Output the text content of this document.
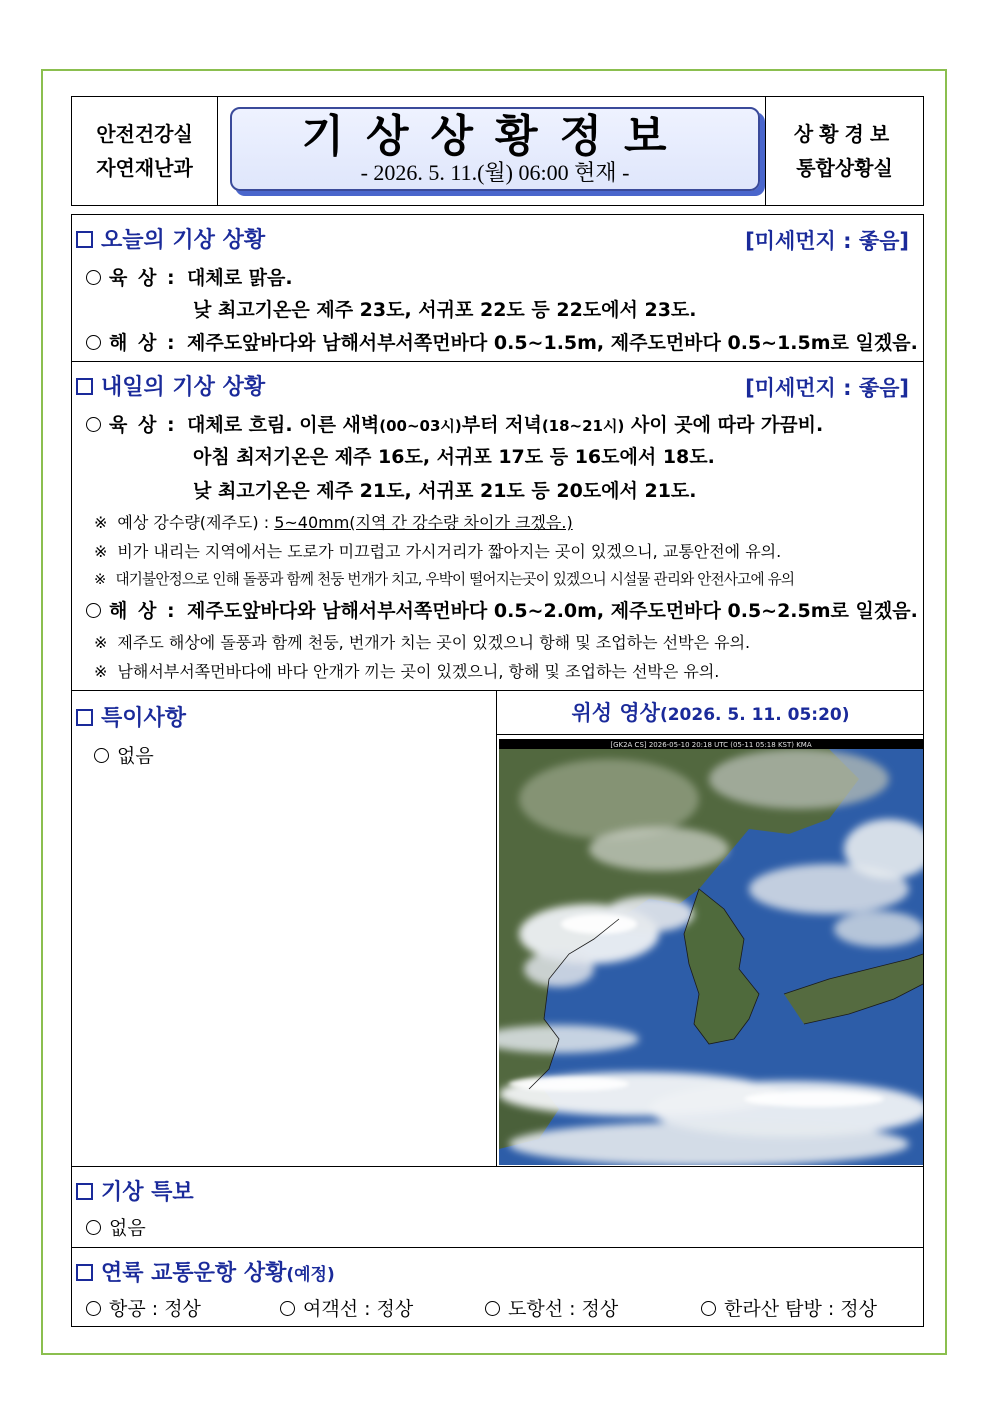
안전건강실
자연재난과
기상상황정보
- 2026. 5. 11.(월) 06:00 현재 -
상황경보
통합상황실
오늘의 기상 상황	[미세먼지 : 좋음]
육 상 : 대체로 맑음.
낮 최고기온은 제주 23도, 서귀포 22도 등 22도에서 23도.
해 상 : 제주도앞바다와 남해서부서쪽먼바다 0.5~1.5m, 제주도먼바다 0.5~1.5m로 일겠음.
내일의 기상 상황	[미세먼지 : 좋음]
육 상 : 대체로 흐림. 이른 새벽(00~03시)부터 저녁(18~21시) 사이 곳에 따라 가끔비.
아침 최저기온은 제주 16도, 서귀포 17도 등 16도에서 18도.
낮 최고기온은 제주 21도, 서귀포 21도 등 20도에서 21도.
※ 예상 강수량(제주도) : 5~40mm(지역 간 강수량 차이가 크겠음.)
※ 비가 내리는 지역에서는 도로가 미끄럽고 가시거리가 짧아지는 곳이 있겠으니, 교통안전에 유의.
※ 대기불안정으로 인해 돌풍과 함께 천둥 번개가 치고, 우박이 떨어지는곳이 있겠으니 시설물 관리와 안전사고에 유의
해 상 : 제주도앞바다와 남해서부서쪽먼바다 0.5~2.0m, 제주도먼바다 0.5~2.5m로 일겠음.
※ 제주도 해상에 돌풍과 함께 천둥, 번개가 치는 곳이 있겠으니 항해 및 조업하는 선박은 유의.
※ 남해서부서쪽먼바다에 바다 안개가 끼는 곳이 있겠으니, 항해 및 조업하는 선박은 유의.
특이사항
없음
위성 영상(2026. 5. 11. 05:20)
[GK2A CS] 2026-05-10 20:18 UTC (05-11 05:18 KST) KMA
기상 특보
없음
연륙 교통운항 상황(예정)
항공 : 정상	여객선 : 정상	도항선 : 정상	한라산 탐방 : 정상
